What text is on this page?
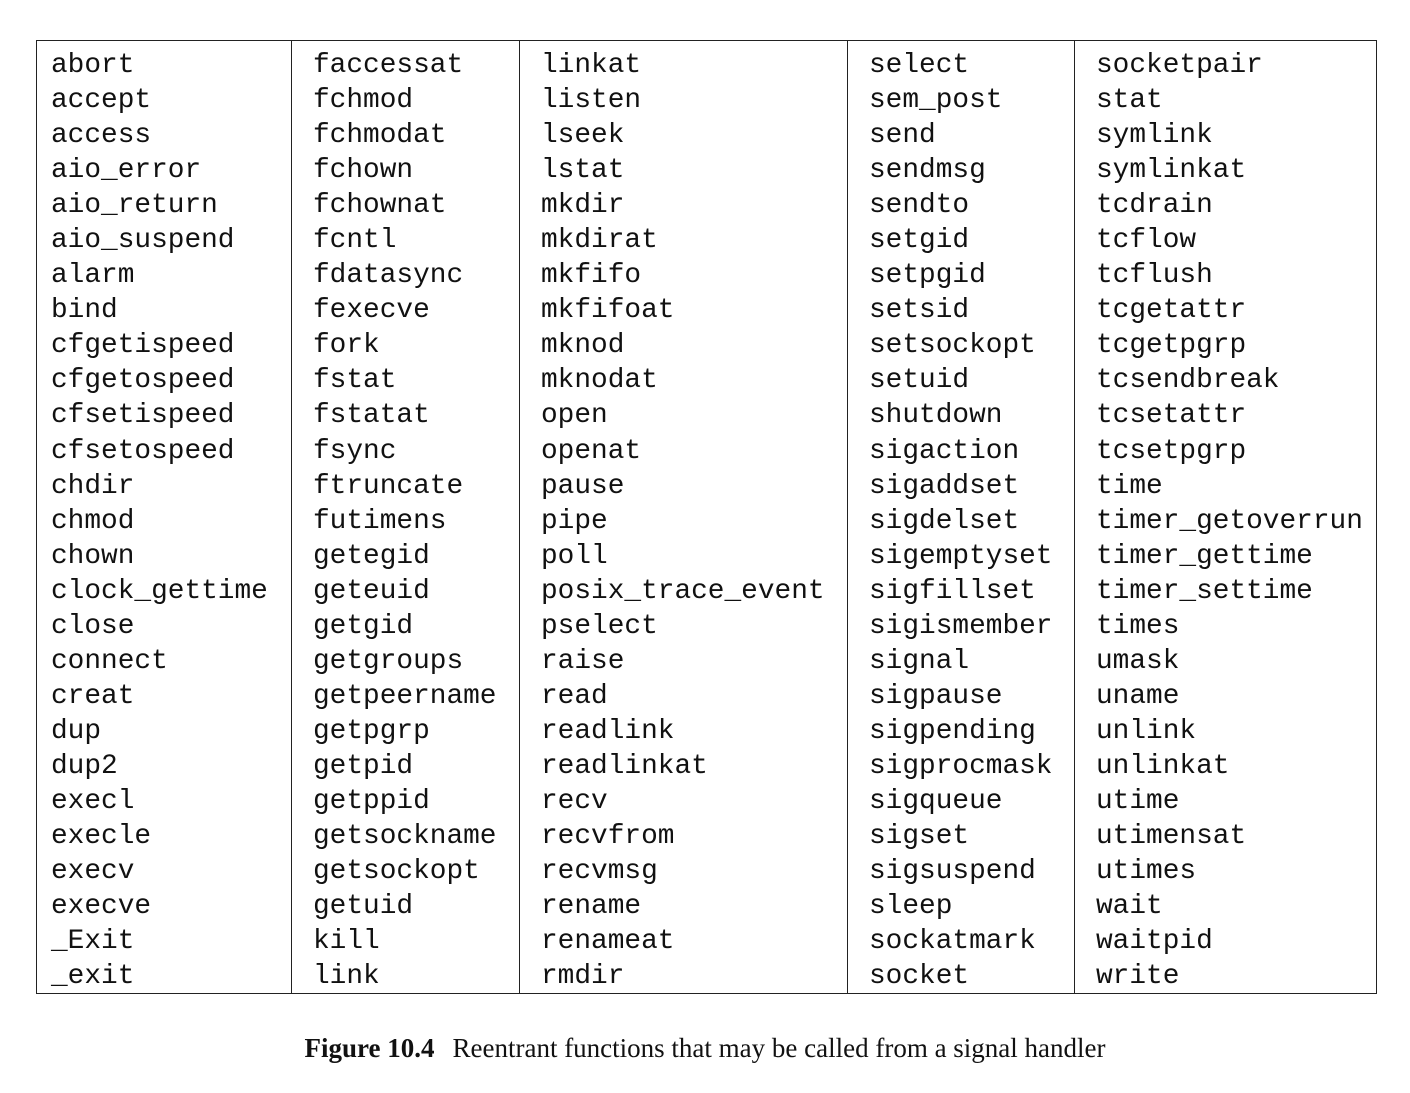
abort
accept
access
aio_error
aio_return
aio_suspend
alarm
bind
cfgetispeed
cfgetospeed
cfsetispeed
cfsetospeed
chdir
chmod
chown
clock_gettime
close
connect
creat
dup
dup2
execl
execle
execv
execve
_Exit
_exit
faccessat
fchmod
fchmodat
fchown
fchownat
fcntl
fdatasync
fexecve
fork
fstat
fstatat
fsync
ftruncate
futimens
getegid
geteuid
getgid
getgroups
getpeername
getpgrp
getpid
getppid
getsockname
getsockopt
getuid
kill
link
linkat
listen
lseek
lstat
mkdir
mkdirat
mkfifo
mkfifoat
mknod
mknodat
open
openat
pause
pipe
poll
posix_trace_event
pselect
raise
read
readlink
readlinkat
recv
recvfrom
recvmsg
rename
renameat
rmdir
select
sem_post
send
sendmsg
sendto
setgid
setpgid
setsid
setsockopt
setuid
shutdown
sigaction
sigaddset
sigdelset
sigemptyset
sigfillset
sigismember
signal
sigpause
sigpending
sigprocmask
sigqueue
sigset
sigsuspend
sleep
sockatmark
socket
socketpair
stat
symlink
symlinkat
tcdrain
tcflow
tcflush
tcgetattr
tcgetpgrp
tcsendbreak
tcsetattr
tcsetpgrp
time
timer_getoverrun
timer_gettime
timer_settime
times
umask
uname
unlink
unlinkat
utime
utimensat
utimes
wait
waitpid
write
Figure 10.4 Reentrant functions that may be called from a signal handler
